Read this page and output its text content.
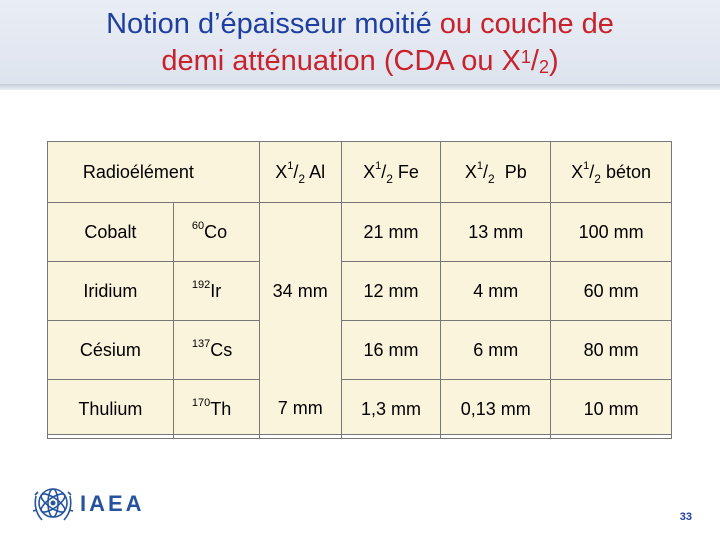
Notion d’épaisseur moitié ou couche de
demi atténuation (CDA ou $X^1/_2$)
Radioélément		$X^1/_2$ Al	$X^1/_2$ Fe	$X^1/_2$  Pb	$X^1/_2$ béton
Cobalt	$^{60}$Co		21 mm	13 mm	100 mm
Iridium	$^{192}$Ir	34 mm	12 mm	4 mm	60 mm
Césium	$^{137}$Cs		16 mm	6 mm	80 mm
Thulium	$^{170}$Th	7 mm	1,3 mm	0,13 mm	10 mm
IAEA
33
